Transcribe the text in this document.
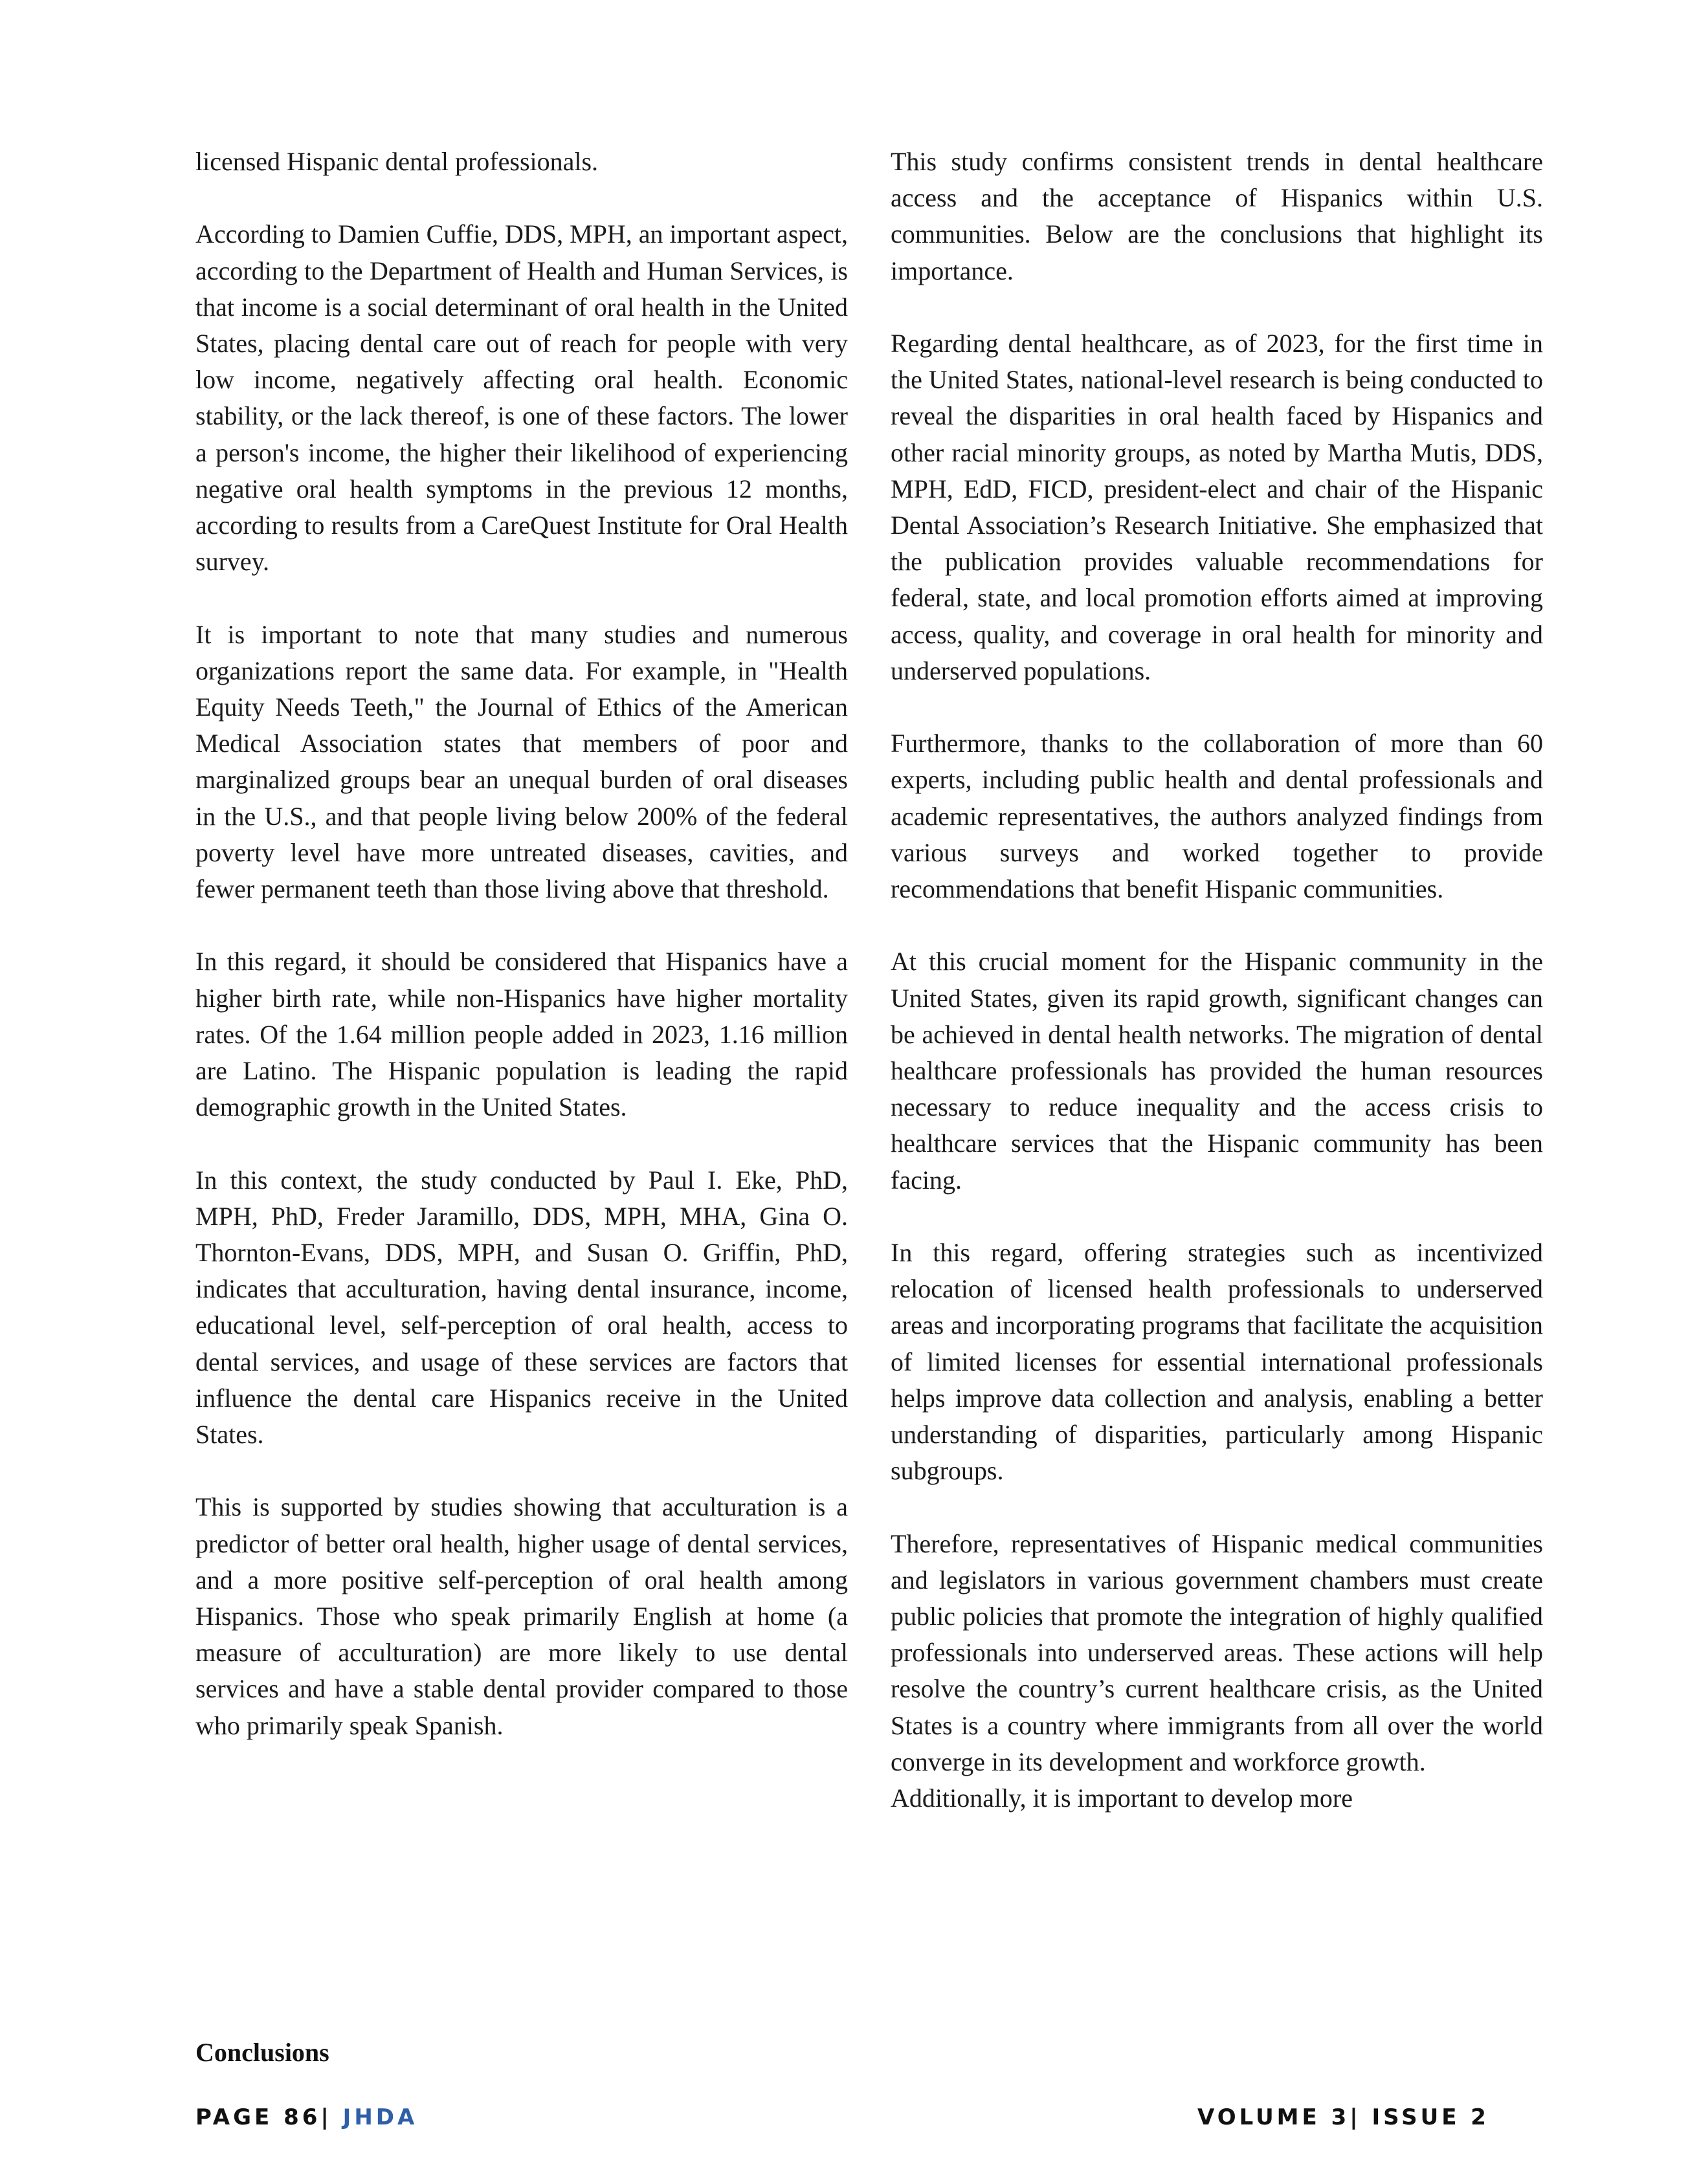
licensed Hispanic dental professionals.

According to Damien Cuffie, DDS, MPH, an important aspect, according to the Department of Health and Human Services, is that income is a social determinant of oral health in the United States, placing dental care out of reach for people with very low income, negatively affecting oral health. Economic stability, or the lack thereof, is one of these factors. The lower a person's income, the higher their likelihood of experiencing negative oral health symptoms in the previous 12 months, according to results from a CareQuest Institute for Oral Health survey.

It is important to note that many studies and numerous organizations report the same data. For example, in "Health Equity Needs Teeth," the Journal of Ethics of the American Medical Association states that members of poor and marginalized groups bear an unequal burden of oral diseases in the U.S., and that people living below 200% of the federal poverty level have more untreated diseases, cavities, and fewer permanent teeth than those living above that threshold.

In this regard, it should be considered that Hispanics have a higher birth rate, while non-Hispanics have higher mortality rates. Of the 1.64 million people added in 2023, 1.16 million are Latino. The Hispanic population is leading the rapid demographic growth in the United States.

In this context, the study conducted by Paul I. Eke, PhD, MPH, PhD, Freder Jaramillo, DDS, MPH, MHA, Gina O. Thornton-Evans, DDS, MPH, and Susan O. Griffin, PhD, indicates that acculturation, having dental insurance, income, educational level, self-perception of oral health, access to dental services, and usage of these services are factors that influence the dental care Hispanics receive in the United States.

This is supported by studies showing that acculturation is a predictor of better oral health, higher usage of dental services, and a more positive self-perception of oral health among Hispanics. Those who speak primarily English at home (a measure of acculturation) are more likely to use dental services and have a stable dental provider compared to those who primarily speak Spanish.

This study confirms consistent trends in dental healthcare access and the acceptance of Hispanics within U.S. communities. Below are the conclusions that highlight its importance.

Regarding dental healthcare, as of 2023, for the first time in the United States, national-level research is being conducted to reveal the disparities in oral health faced by Hispanics and other racial minority groups, as noted by Martha Mutis, DDS, MPH, EdD, FICD, president-elect and chair of the Hispanic Dental Association’s Research Initiative. She emphasized that the publication provides valuable recommendations for federal, state, and local promotion efforts aimed at improving access, quality, and coverage in oral health for minority and underserved populations.

Furthermore, thanks to the collaboration of more than 60 experts, including public health and dental professionals and academic representatives, the authors analyzed findings from various surveys and worked together to provide recommendations that benefit Hispanic communities.

At this crucial moment for the Hispanic community in the United States, given its rapid growth, significant changes can be achieved in dental health networks. The migration of dental healthcare professionals has provided the human resources necessary to reduce inequality and the access crisis to healthcare services that the Hispanic community has been facing.

In this regard, offering strategies such as incentivized relocation of licensed health professionals to underserved areas and incorporating programs that facilitate the acquisition of limited licenses for essential international professionals helps improve data collection and analysis, enabling a better understanding of disparities, particularly among Hispanic subgroups.

Therefore, representatives of Hispanic medical communities and legislators in various government chambers must create public policies that promote the integration of highly qualified professionals into underserved areas. These actions will help resolve the country’s current healthcare crisis, as the United States is a country where immigrants from all over the world converge in its development and workforce growth.

Additionally, it is important to develop more

Conclusions
PAGE 86| JHDA	VOLUME 3| ISSUE 2
